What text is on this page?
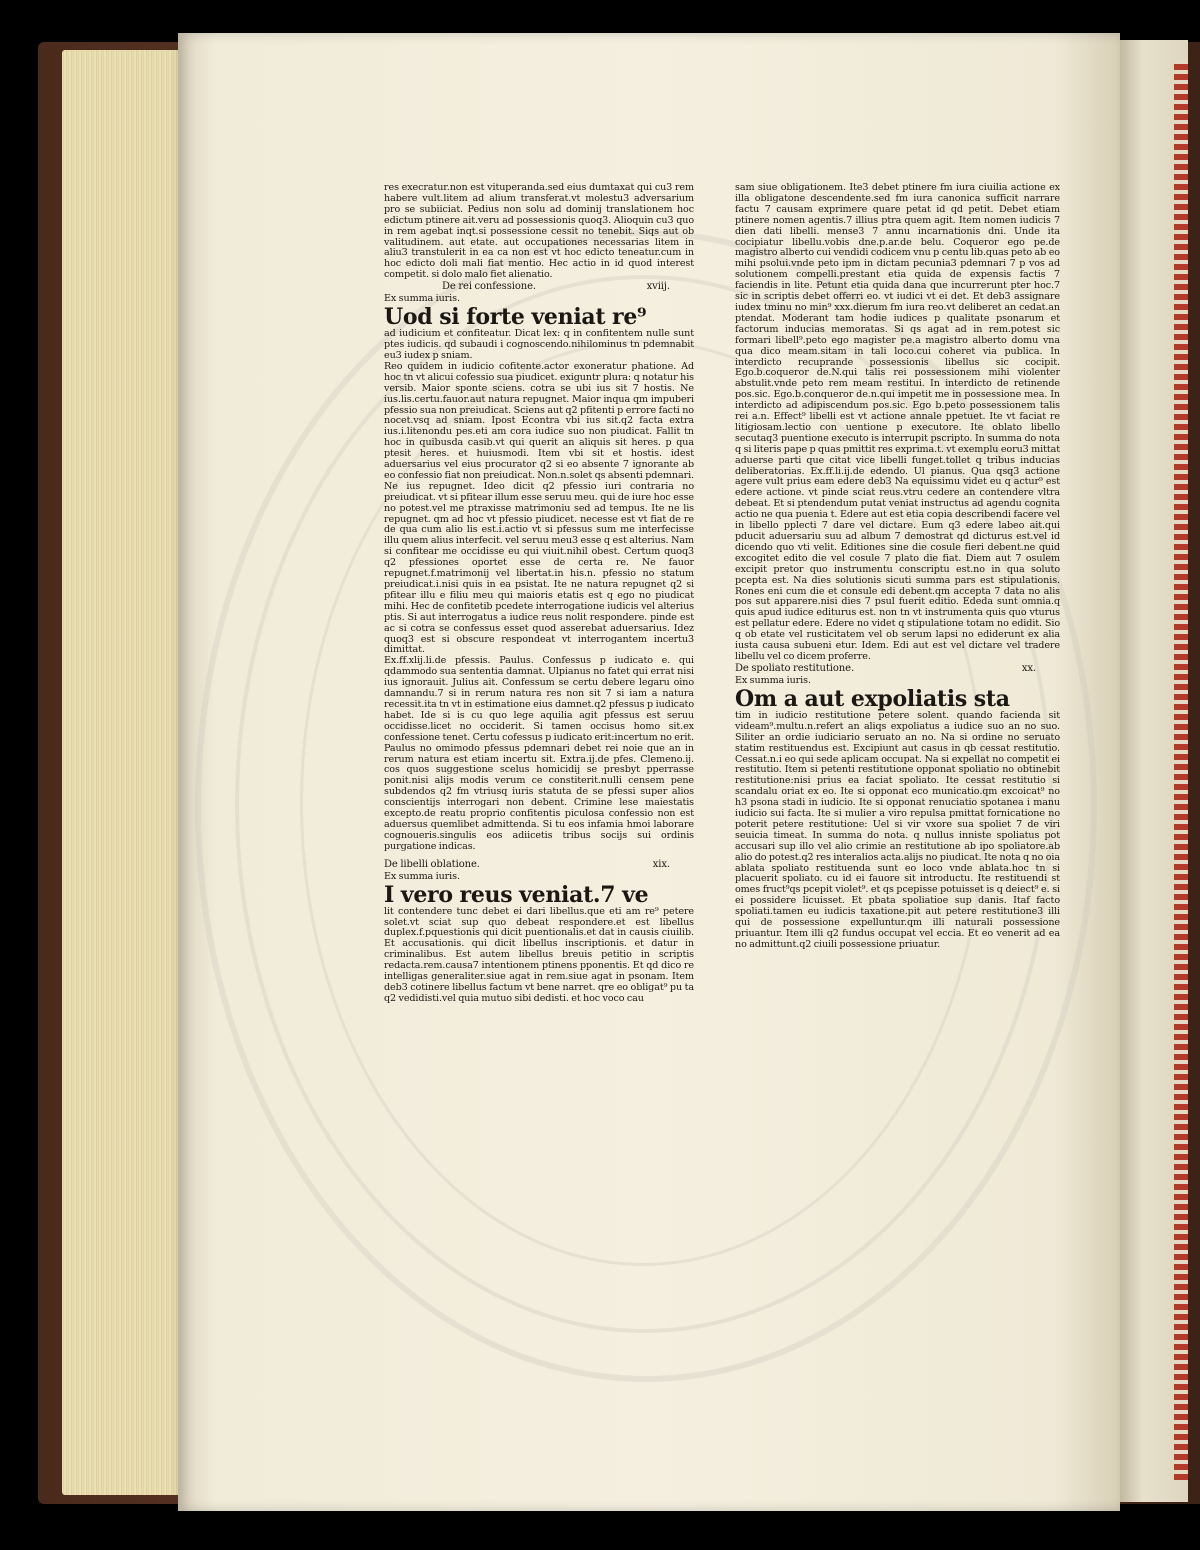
res execratur.non est vituperanda.sed eius dumtaxat qui cu3 rem habere vult.litem ad alium transferat.vt molestu3 adversarium pro se subiiciat. Pedius non solu ad dominij translationem hoc edictum ptinere ait.veru ad possessionis quoq3. Alioquin cu3 quo in rem agebat inqt.si possessione cessit no tenebit. Siqs aut ob valitudinem. aut etate. aut occupationes necessarias litem in aliu3 transtulerit in ea ca non est vt hoc edicto teneatur.cum in hoc edicto doli mali fiat mentio. Hec actio in id quod interest competit. si dolo malo fiet alienatio.

De rei confessione.	xviij.

Ex summa iuris.

Uod si forte veniat re⁹

ad iudicium et confiteatur. Dicat lex: q in confitentem nulle sunt ptes iudicis. qd subaudi i cognoscendo.nihilominus tn pdemnabit eu3 iudex p sniam.

Reo quidem in iudicio cofitente.actor exoneratur phatione. Ad hoc tn vt alicui cofessio sua piudicet. exiguntr plura: q notatur his versib. Maior sponte sciens. cotra se ubi ius sit 7 hostis. Ne ius.lis.certu.fauor.aut natura repugnet. Maior inqua qm impuberi pfessio sua non preiudicat. Sciens aut q2 pfitenti p errore facti no nocet.vsq ad sniam. Ipost Econtra vbi ius sit.q2 facta extra ius.i.litenondu pes.eti am cora iudice suo non piudicat. Fallit tn hoc in quibusda casib.vt qui querit an aliquis sit heres. p qua ptesit heres. et huiusmodi. Item vbi sit et hostis. idest aduersarius vel eius procurator q2 si eo absente 7 ignorante ab eo confessio fiat non preiudicat. Non.n.solet qs absenti pdemnari. Ne ius repugnet. Ideo dicit q2 pfessio iuri contraria no preiudicat. vt si pfitear illum esse seruu meu. qui de iure hoc esse no potest.vel me ptraxisse matrimoniu sed ad tempus. Ite ne lis repugnet. qm ad hoc vt pfessio piudicet. necesse est vt fiat de re de qua cum alio lis est.i.actio vt si pfessus sum me interfecisse illu quem alius interfecit. vel seruu meu3 esse q est alterius. Nam si confitear me occidisse eu qui viuit.nihil obest. Certum quoq3 q2 pfessiones oportet esse de certa re. Ne fauor repugnet.f.matrimonij vel libertat.in his.n. pfessio no statum preiudicat.i.nisi quis in ea psistat. Ite ne natura repugnet q2 si pfitear illu e filiu meu qui maioris etatis est q ego no piudicat mihi. Hec de confitetib pcedete interrogatione iudicis vel alterius ptis. Si aut interrogatus a iudice reus nolit respondere. pinde est ac si cotra se confessus esset quod asserebat aduersarius. Idez quoq3 est si obscure respondeat vt interrogantem incertu3 dimittat.

Ex.ff.xlij.li.de pfessis. Paulus. Confessus p iudicato e. qui qdammodo sua sententia damnat. Ulpianus no fatet qui errat nisi ius ignorauit. Julius ait. Confessum se certu debere legaru oino damnandu.7 si in rerum natura res non sit 7 si iam a natura recessit.ita tn vt in estimatione eius damnet.q2 pfessus p iudicato habet. Ide si is cu quo lege aquilia agit pfessus est seruu occidisse.licet no occiderit. Si tamen occisus homo sit.ex confessione tenet. Certu cofessus p iudicato erit:incertum no erit. Paulus no omimodo pfessus pdemnari debet rei noie que an in rerum natura est etiam incertu sit. Extra.ij.de pfes. Clemeno.ij. cos quos suggestione scelus homicidij se presbyt pperrasse ponit.nisi alijs modis verum ce constiterit.nulli censem pene subdendos q2 fm vtriusq iuris statuta de se pfessi super alios conscientijs interrogari non debent. Crimine lese maiestatis excepto.de reatu proprio confitentis piculosa confessio non est aduersus quemlibet admittenda. Si tu eos infamia hmoi laborare cognoueris.singulis eos adiicetis tribus socijs sui ordinis purgatione indicas.

De libelli oblatione.	xix.

Ex summa iuris.

I vero reus veniat.7 ve

lit contendere tunc debet ei dari libellus.que eti am re⁹ petere solet.vt sciat sup quo debeat respondere.et est libellus duplex.f.pquestionis qui dicit puentionalis.et dat in causis ciuilib. Et accusationis. qui dicit libellus inscriptionis. et datur in criminalibus. Est autem libellus breuis petitio in scriptis redacta.rem.causa7 intentionem ptinens pponentis. Et qd dico re intelligas generaliter.siue agat in rem.siue agat in psonam. Item deb3 cotinere libellus factum vt bene narret. qre eo obligat⁹ pu ta q2 vedidisti.vel quia mutuo sibi dedisti. et hoc voco cau

sam siue obligationem. Ite3 debet ptinere fm iura ciuilia actione ex illa obligatone descendente.sed fm iura canonica sufficit narrare factu 7 causam exprimere quare petat id qd petit. Debet etiam ptinere nomen agentis.7 illius ptra quem agit. Item nomen iudicis 7 dien dati libelli. mense3 7 annu incarnationis dni. Unde ita cocipiatur libellu.vobis dne.p.ar.de belu. Coqueror ego pe.de magistro alberto cui vendidi codicem vnu p centu lib.quas peto ab eo mihi psolui.vnde peto ipm in dictam pecunia3 pdemnari 7 p vos ad solutionem compelli.prestant etia quida de expensis factis 7 faciendis in lite. Petunt etia quida dana que incurrerunt pter hoc.7 sic in scriptis debet offerri eo. vt iudici vt ei det. Et deb3 assignare iudex tminu no min⁹ xxx.dierum fm iura reo.vt deliberet an cedat.an ptendat. Moderant tam hodie iudices p qualitate psonarum et factorum inducias memoratas. Si qs agat ad in rem.potest sic formari libell⁹.peto ego magister pe.a magistro alberto domu vna qua dico meam.sitam in tali loco.cui coheret via publica. In interdicto recuprande possessionis libellus sic cocipit. Ego.b.coqueror de.N.qui talis rei possessionem mihi violenter abstulit.vnde peto rem meam restitui. In interdicto de retinende pos.sic. Ego.b.conqueror de.n.qui impetit me in possessione mea. In interdicto ad adipiscendum pos.sic. Ego b.peto possessionem talis rei a.n. Effect⁹ libelli est vt actione annale ppetuet. Ite vt faciat re litigiosam.lectio con uentione p executore. Ite oblato libello secutaq3 puentione executo is interrupit pscripto. In summa do nota q si literis pape p quas pmittit res exprima.t. vt exemplu eoru3 mittat aduerse parti que citat vice libelli funget.tollet q tribus inducias deliberatorias. Ex.ff.li.ij.de edendo. Ul pianus. Qua qsq3 actione agere vult prius eam edere deb3 Na equissimu videt eu q actur⁹ est edere actione. vt pinde sciat reus.vtru cedere an contendere vltra debeat. Et si ptendendum putat veniat instructus ad agendu cognita actio ne qua puenia t. Edere aut est etia copia describendi facere vel in libello pplecti 7 dare vel dictare. Eum q3 edere labeo ait.qui pducit aduersariu suu ad album 7 demostrat qd dicturus est.vel id dicendo quo vti velit. Editiones sine die cosule fieri debent.ne quid excogitet edito die vel cosule 7 plato die fiat. Diem aut 7 osulem excipit pretor quo instrumentu conscriptu est.no in qua soluto pcepta est. Na dies solutionis sicuti summa pars est stipulationis. Rones eni cum die et consule edi debent.qm accepta 7 data no alis pos sut apparere.nisi dies 7 psul fuerit editio. Ededa sunt omnia.q quis apud iudice editurus est. non tn vt instrumenta quis quo vturus est pellatur edere. Edere no videt q stipulatione totam no edidit. Sio q ob etate vel rusticitatem vel ob serum lapsi no ediderunt ex alia iusta causa subueni etur. Idem. Edi aut est vel dictare vel tradere libellu vel co dicem proferre.

De spoliato restitutione.	xx.

Ex summa iuris.

Om a aut expoliatis sta

tim in iudicio restitutione petere solent. quando facienda sit videam⁹.multu.n.refert an aliqs expoliatus a iudice suo an no suo. Siliter an ordie iudiciario seruato an no. Na si ordine no seruato statim restituendus est. Excipiunt aut casus in qb cessat restitutio. Cessat.n.i eo qui sede aplicam occupat. Na si expellat no competit ei restitutio. Item si petenti restitutione opponat spoliatio no obtinebit restitutione:nisi prius ea faciat spoliato. Ite cessat restitutio si scandalu oriat ex eo. Ite si opponat eco municatio.qm excoicat⁹ no h3 psona stadi in iudicio. Ite si opponat renuciatio spotanea i manu iudicio sui facta. Ite si mulier a viro repulsa pmittat fornicatione no poterit petere restitutione: Uel si vir vxore sua spoliet 7 de viri seuicia timeat. In summa do nota. q nullus inniste spoliatus pot accusari sup illo vel alio crimie an restitutione ab ipo spoliatore.ab alio do potest.q2 res interalios acta.alijs no piudicat. Ite nota q no oia ablata spoliato restituenda sunt eo loco vnde ablata.hoc tn si placuerit spoliato. cu id ei fauore sit introductu. Ite restituendi st omes fruct⁹qs pcepit violet⁹. et qs pcepisse potuisset is q deiect⁹ e. si ei possidere licuisset. Et pbata spoliatioe sup danis. Itaf facto spoliati.tamen eu iudicis taxatione.pit aut petere restitutione3 illi qui de possessione expelluntur.qm illi naturali possessione priuantur. Item illi q2 fundus occupat vel eccia. Et eo venerit ad ea no admittunt.q2 ciuili possessione priuatur.
